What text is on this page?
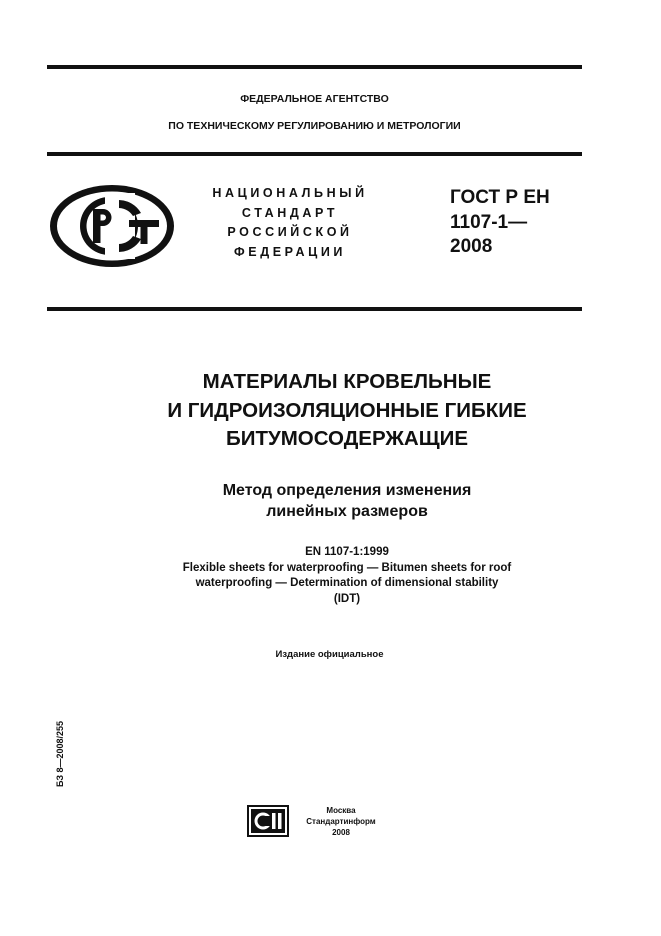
ФЕДЕРАЛЬНОЕ АГЕНТСТВО
ПО ТЕХНИЧЕСКОМУ РЕГУЛИРОВАНИЮ И МЕТРОЛОГИИ
НАЦИОНАЛЬНЫЙ
СТАНДАРТ
РОССИЙСКОЙ
ФЕДЕРАЦИИ
ГОСТ Р ЕН
1107-1—
2008
МАТЕРИАЛЫ КРОВЕЛЬНЫЕ
И ГИДРОИЗОЛЯЦИОННЫЕ ГИБКИЕ
БИТУМОСОДЕРЖАЩИЕ
Метод определения изменения
линейных размеров
EN 1107-1:1999
Flexible sheets for waterproofing — Bitumen sheets for roof
waterproofing — Determination of dimensional stability
(IDT)
Издание официальное
БЗ 8—2008/255
Москва
Стандартинформ
2008
